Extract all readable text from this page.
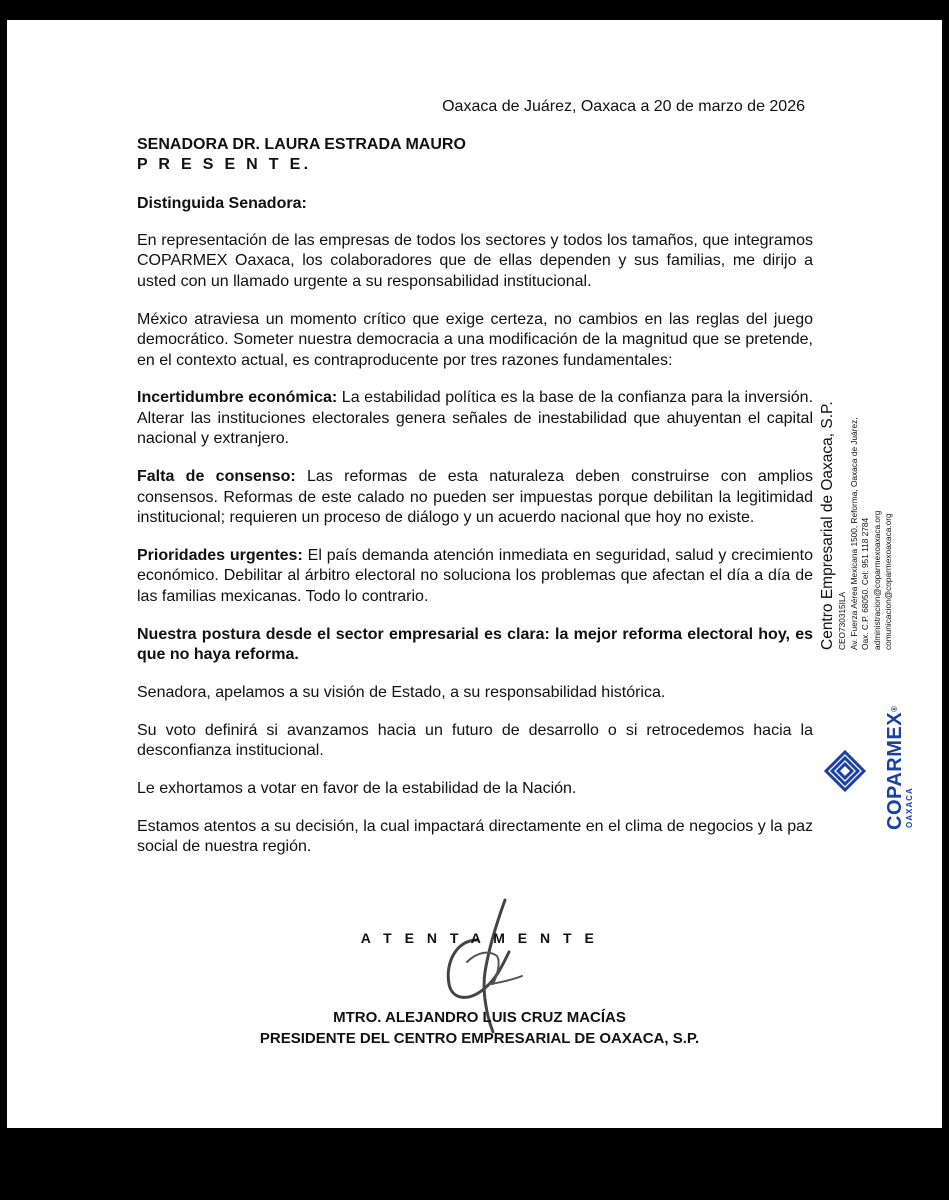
Oaxaca de Juárez, Oaxaca a 20 de marzo de 2026
SENADORA DR. LAURA ESTRADA MAURO
P R E S E N T E.
Distinguida Senadora:

En representación de las empresas de todos los sectores y todos los tamaños, que integramos COPARMEX Oaxaca, los colaboradores que de ellas dependen y sus familias, me dirijo a usted con un llamado urgente a su responsabilidad institucional.

México atraviesa un momento crítico que exige certeza, no cambios en las reglas del juego democrático. Someter nuestra democracia a una modificación de la magnitud que se pretende, en el contexto actual, es contraproducente por tres razones fundamentales:

Incertidumbre económica: La estabilidad política es la base de la confianza para la inversión. Alterar las instituciones electorales genera señales de inestabilidad que ahuyentan el capital nacional y extranjero.

Falta de consenso: Las reformas de esta naturaleza deben construirse con amplios consensos. Reformas de este calado no pueden ser impuestas porque debilitan la legitimidad institucional; requieren un proceso de diálogo y un acuerdo nacional que hoy no existe.

Prioridades urgentes: El país demanda atención inmediata en seguridad, salud y crecimiento económico. Debilitar al árbitro electoral no soluciona los problemas que afectan el día a día de las familias mexicanas. Todo lo contrario.

Nuestra postura desde el sector empresarial es clara: la mejor reforma electoral hoy, es que no haya reforma.

Senadora, apelamos a su visión de Estado, a su responsabilidad histórica.

Su voto definirá si avanzamos hacia un futuro de desarrollo o si retrocedemos hacia la desconfianza institucional.

Le exhortamos a votar en favor de la estabilidad de la Nación.

Estamos atentos a su decisión, la cual impactará directamente en el clima de negocios y la paz social de nuestra región.

A T E N T A M E N T E
MTRO. ALEJANDRO LUIS CRUZ MACÍAS
PRESIDENTE DEL CENTRO EMPRESARIAL DE OAXACA, S.P.
Centro Empresarial de Oaxaca, S.P. CEO730315ILA Av. Fuerza Aérea Mexicana 1500, Reforma, Oaxaca de Juárez, Oax. C.P. 68050. Cel: 951 118 2784 administracion@coparmexoaxaca.org comunicacion@coparmexoaxaca.org
COPARMEX®
OAXACA
